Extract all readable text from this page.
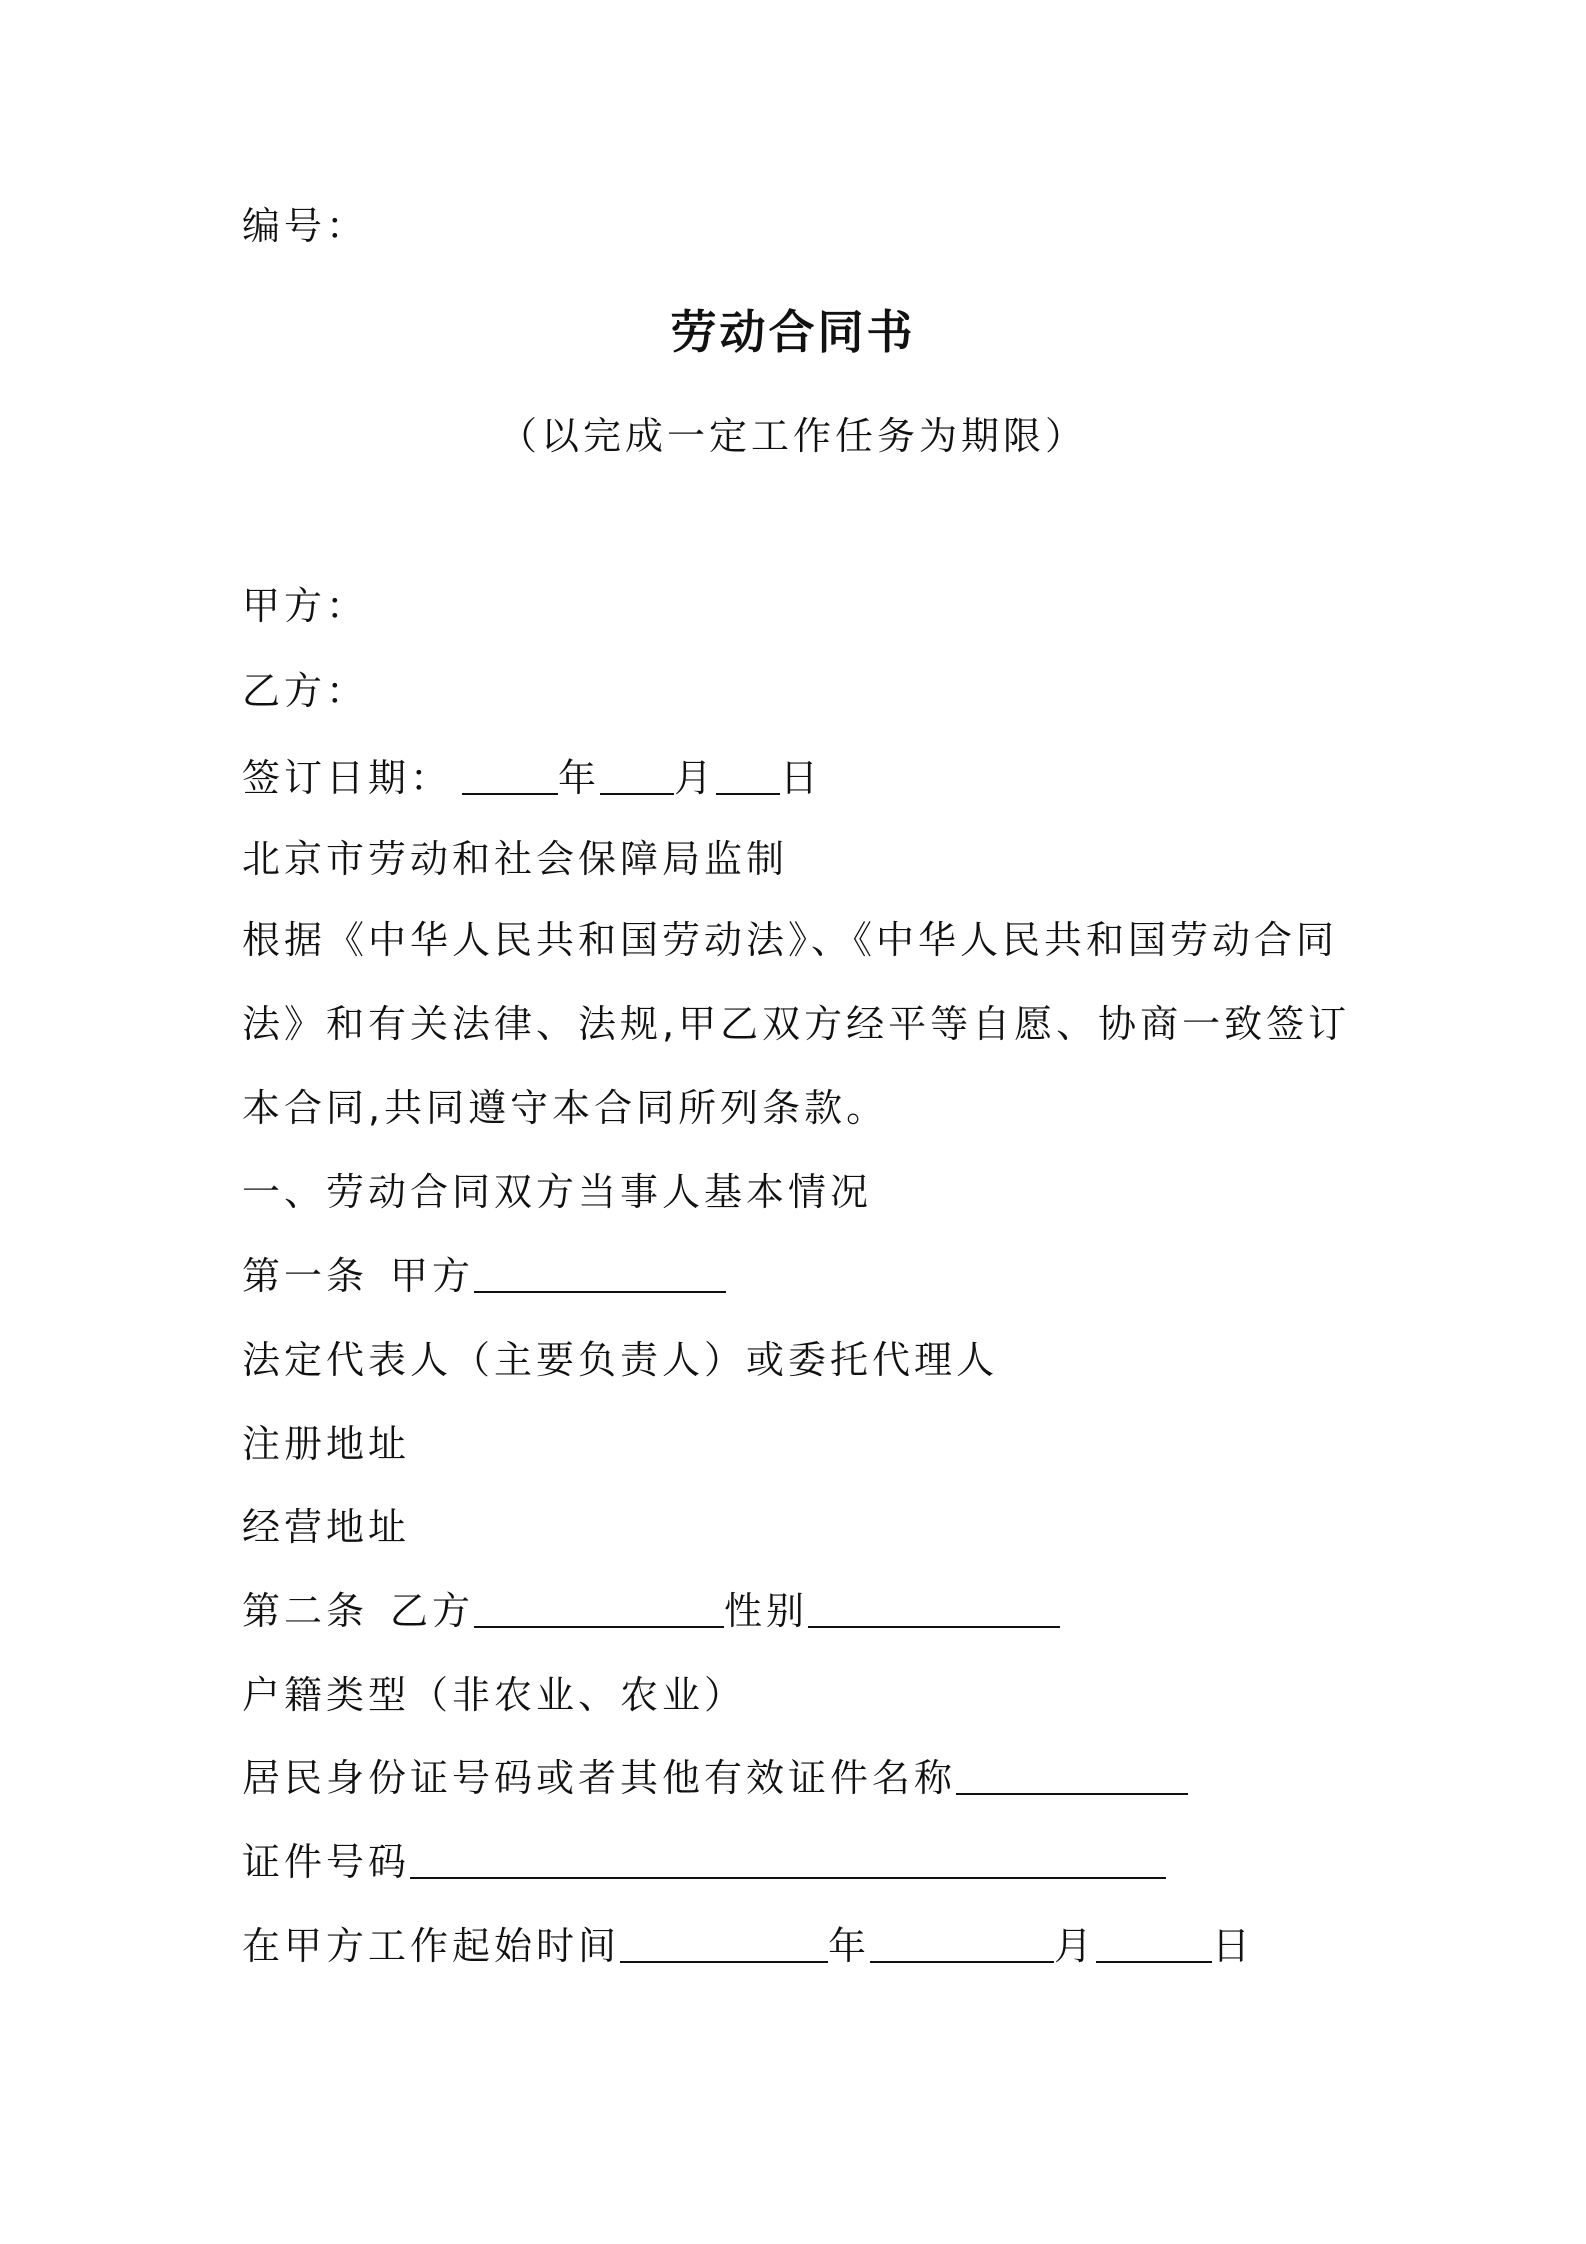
编号：
劳动合同书
（以完成一定工作任务为期限）
甲方：
乙方：
签订日期：	年 月 日
北京市劳动和社会保障局监制
根据《中华人民共和国劳动法》、《中华人民共和国劳动合同
法》和有关法律、法规,甲乙双方经平等自愿、协商一致签订
本合同,共同遵守本合同所列条款。
一、劳动合同双方当事人基本情况
第一条 甲方
法定代表人（主要负责人）或委托代理人
注册地址
经营地址
第二条 乙方	性别
户籍类型（非农业、农业）
居民身份证号码或者其他有效证件名称
证件号码
在甲方工作起始时间	年	月	日
